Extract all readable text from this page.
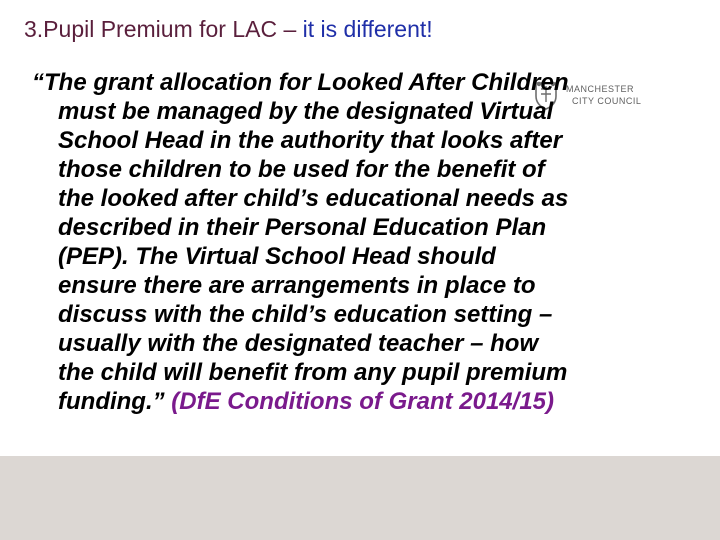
3.Pupil Premium for LAC – it is different!
MANCHESTER
CITY COUNCIL

“The grant allocation for Looked After Children
must be managed by the designated Virtual
School Head in the authority that looks after
those children to be used for the benefit of
the looked after child’s educational needs as
described in their Personal Education Plan
(PEP). The Virtual School Head should
ensure there are arrangements in place to
discuss with the child’s education setting –
usually with the designated teacher – how
the child will benefit from any pupil premium
funding.” (DfE Conditions of Grant 2014/15)
